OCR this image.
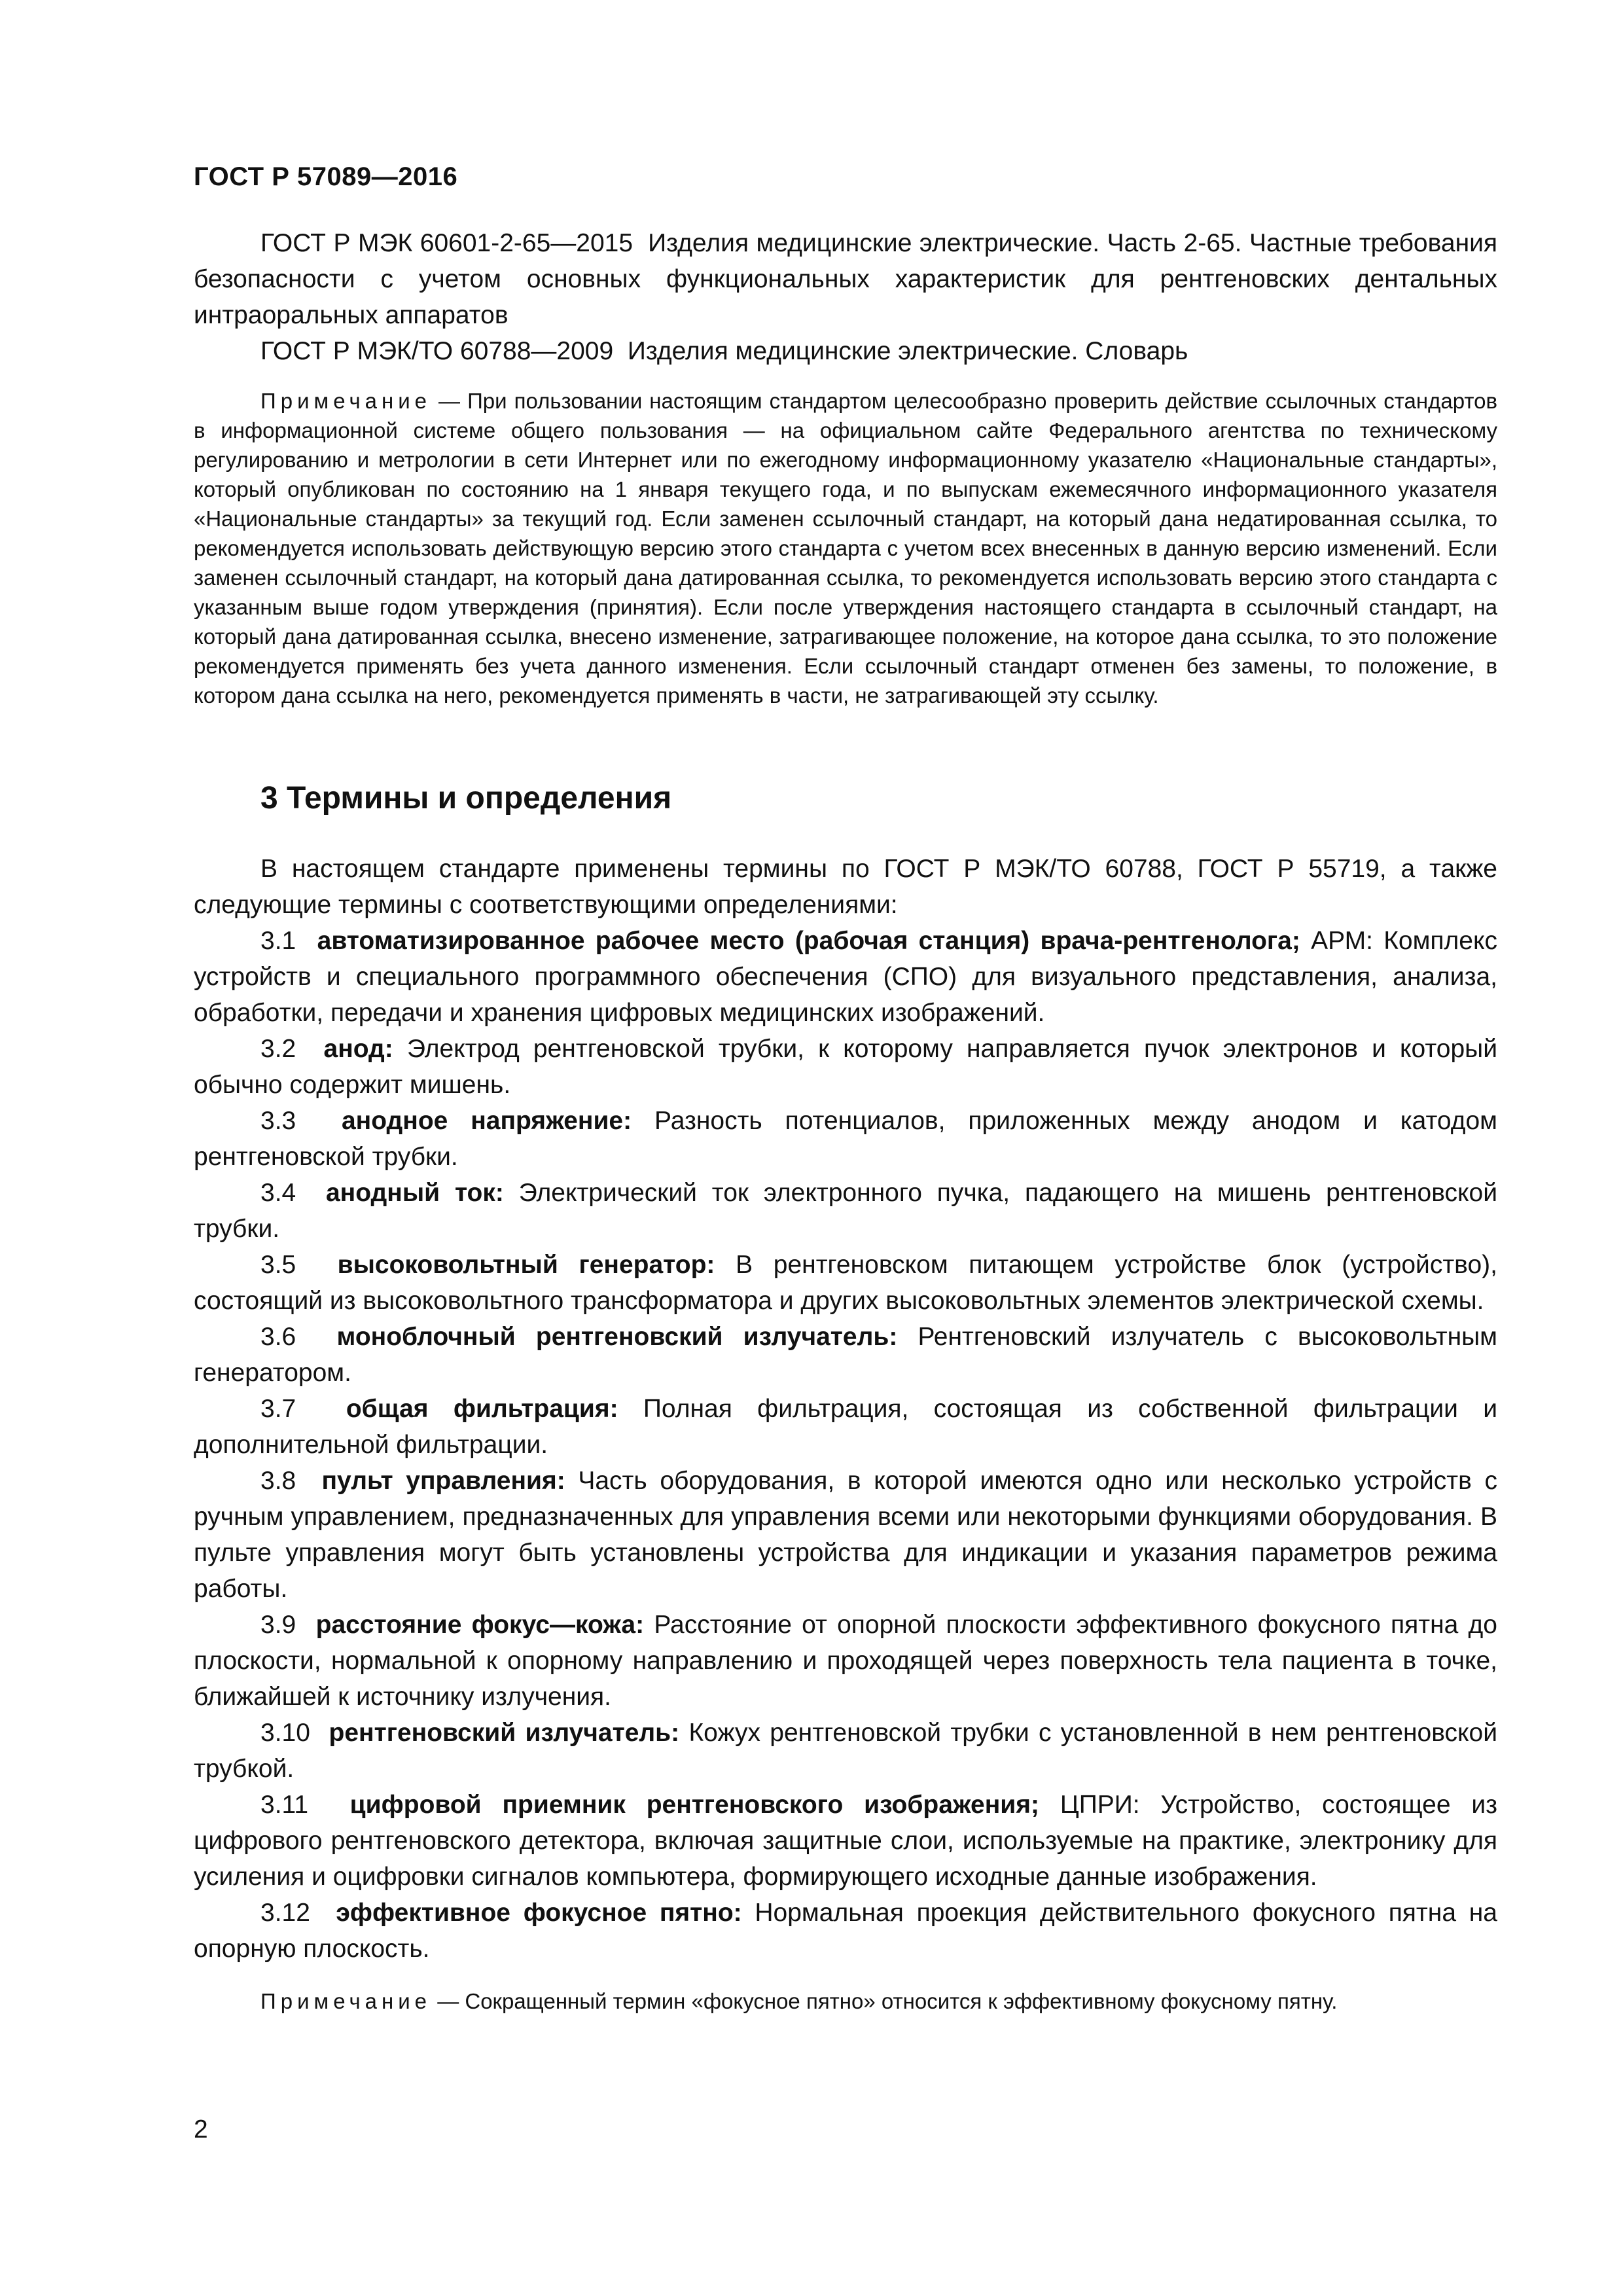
ГОСТ Р 57089—2016

ГОСТ Р МЭК 60601-2-65—2015 Изделия медицинские электрические. Часть 2-65. Частные требования безопасности с учетом основных функциональных характеристик для рентгеновских дентальных интраоральных аппаратов

ГОСТ Р МЭК/ТО 60788—2009 Изделия медицинские электрические. Словарь

Примечание — При пользовании настоящим стандартом целесообразно проверить действие ссылочных стандартов в информационной системе общего пользования — на официальном сайте Федерального агентства по техническому регулированию и метрологии в сети Интернет или по ежегодному информационному указателю «Национальные стандарты», который опубликован по состоянию на 1 января текущего года, и по выпускам ежемесячного информационного указателя «Национальные стандарты» за текущий год. Если заменен ссылочный стандарт, на который дана недатированная ссылка, то рекомендуется использовать действующую версию этого стандарта с учетом всех внесенных в данную версию изменений. Если заменен ссылочный стандарт, на который дана датированная ссылка, то рекомендуется использовать версию этого стандарта с указанным выше годом утверждения (принятия). Если после утверждения настоящего стандарта в ссылочный стандарт, на который дана датированная ссылка, внесено изменение, затрагивающее положение, на которое дана ссылка, то это положение рекомендуется применять без учета данного изменения. Если ссылочный стандарт отменен без замены, то положение, в котором дана ссылка на него, рекомендуется применять в части, не затрагивающей эту ссылку.

3 Термины и определения

В настоящем стандарте применены термины по ГОСТ Р МЭК/ТО 60788, ГОСТ Р 55719, а также следующие термины с соответствующими определениями:

3.1 автоматизированное рабочее место (рабочая станция) врача-рентгенолога; АРМ: Комплекс устройств и специального программного обеспечения (СПО) для визуального представления, анализа, обработки, передачи и хранения цифровых медицинских изображений.

3.2 анод: Электрод рентгеновской трубки, к которому направляется пучок электронов и который обычно содержит мишень.

3.3 анодное напряжение: Разность потенциалов, приложенных между анодом и катодом рентгеновской трубки.

3.4 анодный ток: Электрический ток электронного пучка, падающего на мишень рентгеновской трубки.

3.5 высоковольтный генератор: В рентгеновском питающем устройстве блок (устройство), состоящий из высоковольтного трансформатора и других высоковольтных элементов электрической схемы.

3.6 моноблочный рентгеновский излучатель: Рентгеновский излучатель с высоковольтным генератором.

3.7 общая фильтрация: Полная фильтрация, состоящая из собственной фильтрации и дополнительной фильтрации.

3.8 пульт управления: Часть оборудования, в которой имеются одно или несколько устройств с ручным управлением, предназначенных для управления всеми или некоторыми функциями оборудования. В пульте управления могут быть установлены устройства для индикации и указания параметров режима работы.

3.9 расстояние фокус—кожа: Расстояние от опорной плоскости эффективного фокусного пятна до плоскости, нормальной к опорному направлению и проходящей через поверхность тела пациента в точке, ближайшей к источнику излучения.

3.10 рентгеновский излучатель: Кожух рентгеновской трубки с установленной в нем рентгеновской трубкой.

3.11 цифровой приемник рентгеновского изображения; ЦПРИ: Устройство, состоящее из цифрового рентгеновского детектора, включая защитные слои, используемые на практике, электронику для усиления и оцифровки сигналов компьютера, формирующего исходные данные изображения.

3.12 эффективное фокусное пятно: Нормальная проекция действительного фокусного пятна на опорную плоскость.

Примечание — Сокращенный термин «фокусное пятно» относится к эффективному фокусному пятну.

2
